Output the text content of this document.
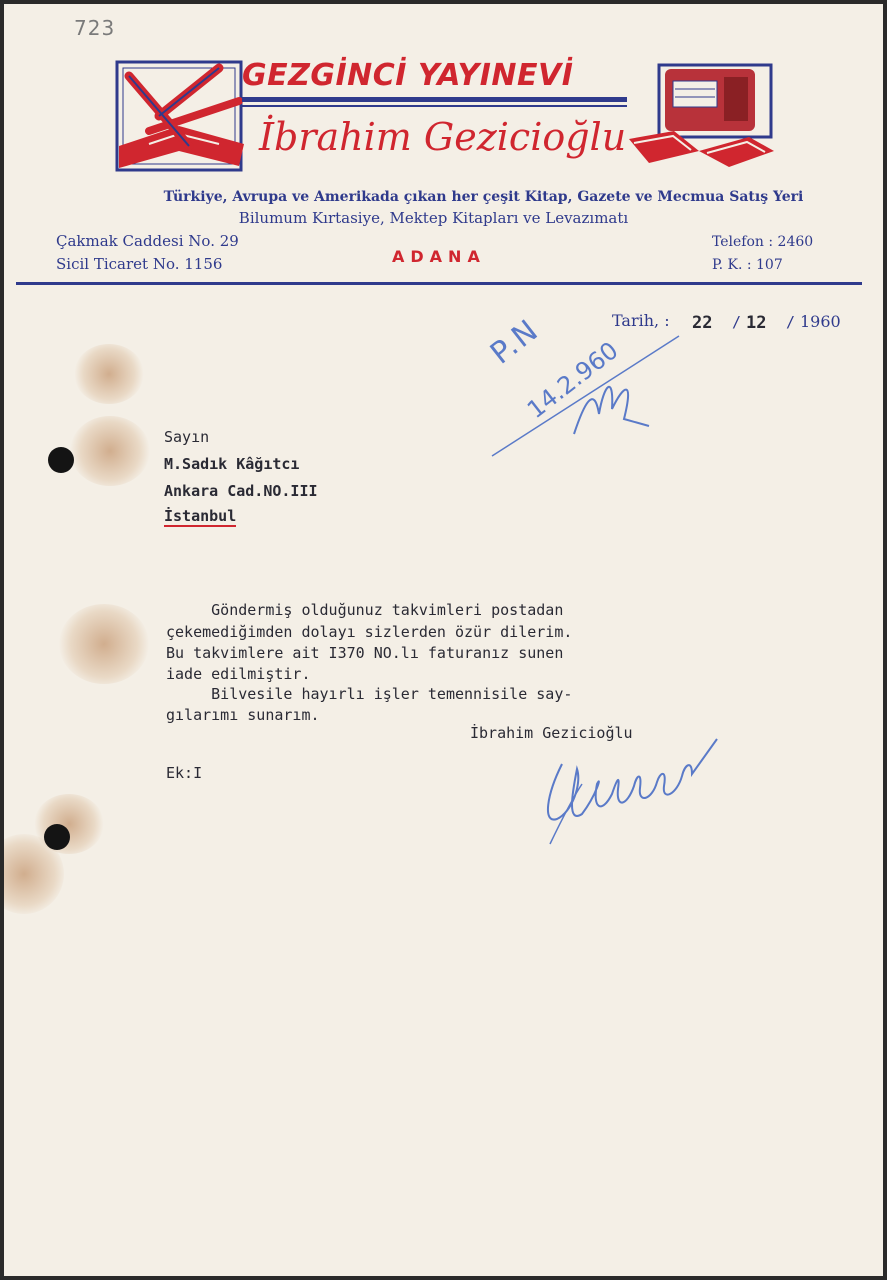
723
GEZGİNCİ YAYINEVİ
İbrahim Gezicioğlu
Türkiye, Avrupa ve Amerikada çıkan her çeşit Kitap, Gazete ve Mecmua Satış Yeri
Bilumum Kırtasiye, Mektep Kitapları ve Levazımatı
Çakmak Caddesi No. 29
Sicil Ticaret No. 1156	ADANA
Telefon : 2460
P. K. : 107
Tarih, : 22 / 12 / 1960
P.N
14.2.960
Sayın
M.Sadık Kâğıtcı
Ankara Cad.NO.III
İstanbul
Göndermiş olduğunuz takvimleri postadan
çekemediğimden dolayı sizlerden özür dilerim.
Bu takvimlere ait I370 NO.lı faturanız sunen
iade edilmiştir.
Bilvesile hayırlı işler temennisile say-
gılarımı sunarım.
İbrahim Gezicioğlu
Ek:I
